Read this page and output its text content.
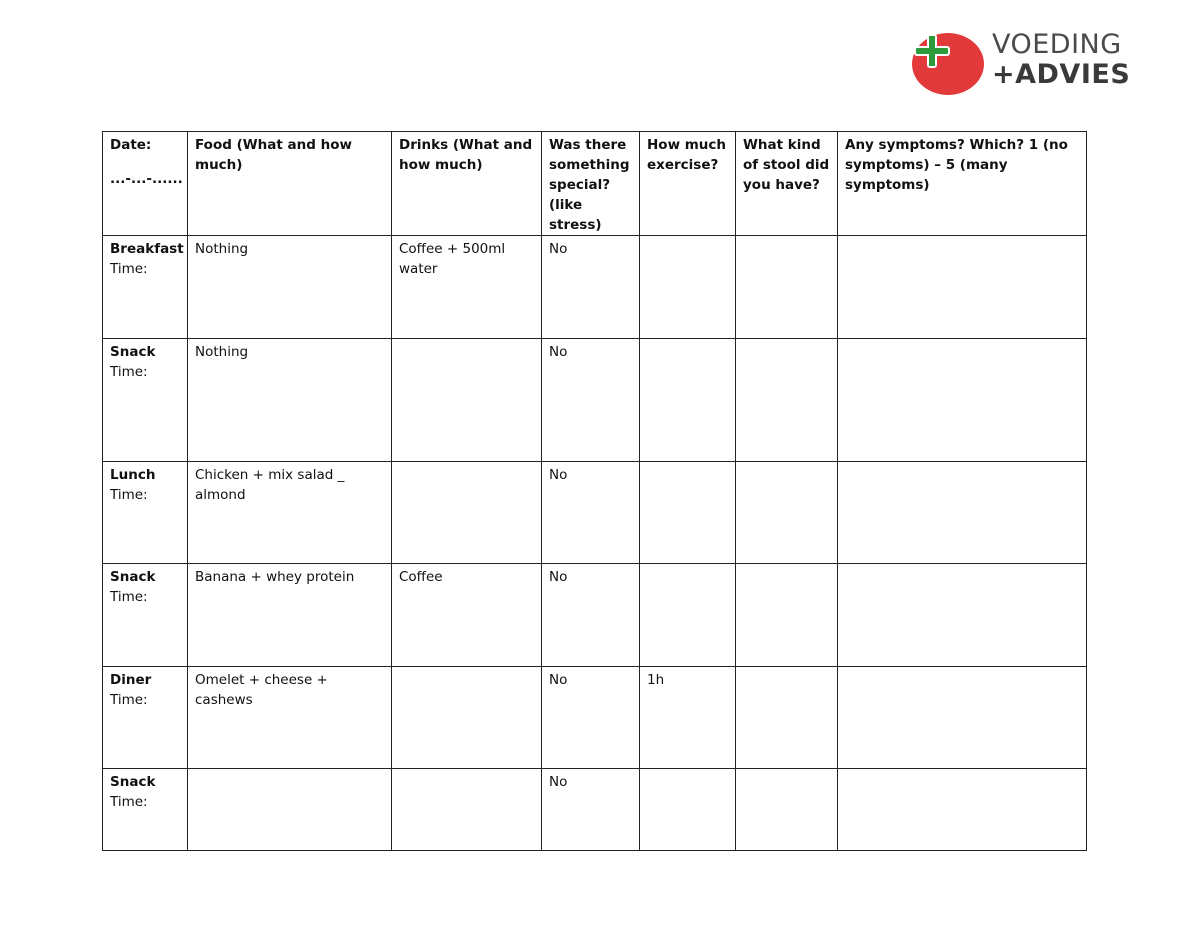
VOEDING
+ADVIES
Date:
...-...-......	Food (What and how much)	Drinks (What and how much)	Was there something special? (like stress)	How much exercise?	What kind of stool did you have?	Any symptoms? Which? 1 (no symptoms) – 5 (many symptoms)

Breakfast
Time:	Nothing	Coffee + 500ml water	No			

Snack
Time:	Nothing		No			

Lunch
Time:	Chicken + mix salad _ almond		No			

Snack
Time:	Banana + whey protein	Coffee	No			

Diner
Time:	Omelet + cheese + cashews		No	1h		

Snack
Time:			No			
